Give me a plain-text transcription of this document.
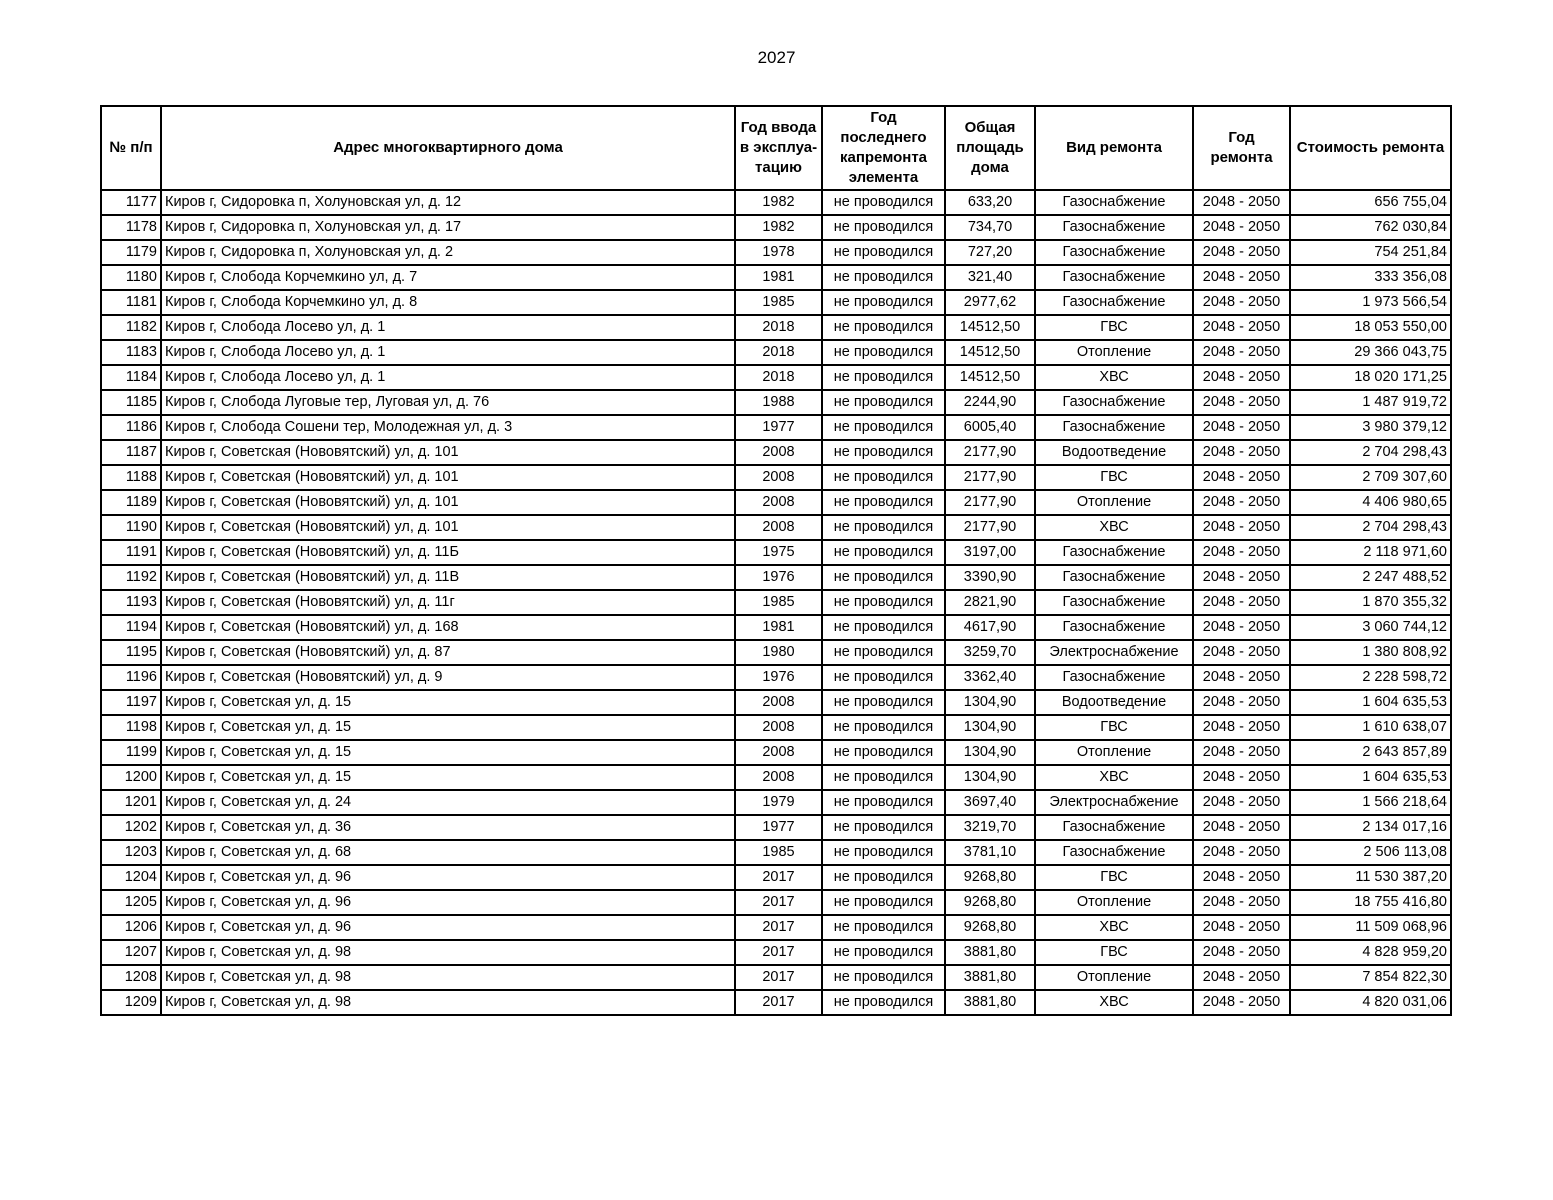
2027
№ п/п	Адрес многоквартирного дома	Год ввода в эксплуа-тацию	Год последнего капремонта элемента	Общая площадь дома	Вид ремонта	Год ремонта	Стоимость ремонта
1177	Киров г, Сидоровка п, Холуновская ул, д. 12	1982	не проводился	633,20	Газоснабжение	2048 - 2050	656 755,04
1178	Киров г, Сидоровка п, Холуновская ул, д. 17	1982	не проводился	734,70	Газоснабжение	2048 - 2050	762 030,84
1179	Киров г, Сидоровка п, Холуновская ул, д. 2	1978	не проводился	727,20	Газоснабжение	2048 - 2050	754 251,84
1180	Киров г, Слобода Корчемкино ул, д. 7	1981	не проводился	321,40	Газоснабжение	2048 - 2050	333 356,08
1181	Киров г, Слобода Корчемкино ул, д. 8	1985	не проводился	2977,62	Газоснабжение	2048 - 2050	1 973 566,54
1182	Киров г, Слобода Лосево ул, д. 1	2018	не проводился	14512,50	ГВС	2048 - 2050	18 053 550,00
1183	Киров г, Слобода Лосево ул, д. 1	2018	не проводился	14512,50	Отопление	2048 - 2050	29 366 043,75
1184	Киров г, Слобода Лосево ул, д. 1	2018	не проводился	14512,50	ХВС	2048 - 2050	18 020 171,25
1185	Киров г, Слобода Луговые тер, Луговая ул, д. 76	1988	не проводился	2244,90	Газоснабжение	2048 - 2050	1 487 919,72
1186	Киров г, Слобода Сошени тер, Молодежная ул, д. 3	1977	не проводился	6005,40	Газоснабжение	2048 - 2050	3 980 379,12
1187	Киров г, Советская (Нововятский) ул, д. 101	2008	не проводился	2177,90	Водоотведение	2048 - 2050	2 704 298,43
1188	Киров г, Советская (Нововятский) ул, д. 101	2008	не проводился	2177,90	ГВС	2048 - 2050	2 709 307,60
1189	Киров г, Советская (Нововятский) ул, д. 101	2008	не проводился	2177,90	Отопление	2048 - 2050	4 406 980,65
1190	Киров г, Советская (Нововятский) ул, д. 101	2008	не проводился	2177,90	ХВС	2048 - 2050	2 704 298,43
1191	Киров г, Советская (Нововятский) ул, д. 11Б	1975	не проводился	3197,00	Газоснабжение	2048 - 2050	2 118 971,60
1192	Киров г, Советская (Нововятский) ул, д. 11В	1976	не проводился	3390,90	Газоснабжение	2048 - 2050	2 247 488,52
1193	Киров г, Советская (Нововятский) ул, д. 11г	1985	не проводился	2821,90	Газоснабжение	2048 - 2050	1 870 355,32
1194	Киров г, Советская (Нововятский) ул, д. 168	1981	не проводился	4617,90	Газоснабжение	2048 - 2050	3 060 744,12
1195	Киров г, Советская (Нововятский) ул, д. 87	1980	не проводился	3259,70	Электроснабжение	2048 - 2050	1 380 808,92
1196	Киров г, Советская (Нововятский) ул, д. 9	1976	не проводился	3362,40	Газоснабжение	2048 - 2050	2 228 598,72
1197	Киров г, Советская ул, д. 15	2008	не проводился	1304,90	Водоотведение	2048 - 2050	1 604 635,53
1198	Киров г, Советская ул, д. 15	2008	не проводился	1304,90	ГВС	2048 - 2050	1 610 638,07
1199	Киров г, Советская ул, д. 15	2008	не проводился	1304,90	Отопление	2048 - 2050	2 643 857,89
1200	Киров г, Советская ул, д. 15	2008	не проводился	1304,90	ХВС	2048 - 2050	1 604 635,53
1201	Киров г, Советская ул, д. 24	1979	не проводился	3697,40	Электроснабжение	2048 - 2050	1 566 218,64
1202	Киров г, Советская ул, д. 36	1977	не проводился	3219,70	Газоснабжение	2048 - 2050	2 134 017,16
1203	Киров г, Советская ул, д. 68	1985	не проводился	3781,10	Газоснабжение	2048 - 2050	2 506 113,08
1204	Киров г, Советская ул, д. 96	2017	не проводился	9268,80	ГВС	2048 - 2050	11 530 387,20
1205	Киров г, Советская ул, д. 96	2017	не проводился	9268,80	Отопление	2048 - 2050	18 755 416,80
1206	Киров г, Советская ул, д. 96	2017	не проводился	9268,80	ХВС	2048 - 2050	11 509 068,96
1207	Киров г, Советская ул, д. 98	2017	не проводился	3881,80	ГВС	2048 - 2050	4 828 959,20
1208	Киров г, Советская ул, д. 98	2017	не проводился	3881,80	Отопление	2048 - 2050	7 854 822,30
1209	Киров г, Советская ул, д. 98	2017	не проводился	3881,80	ХВС	2048 - 2050	4 820 031,06
